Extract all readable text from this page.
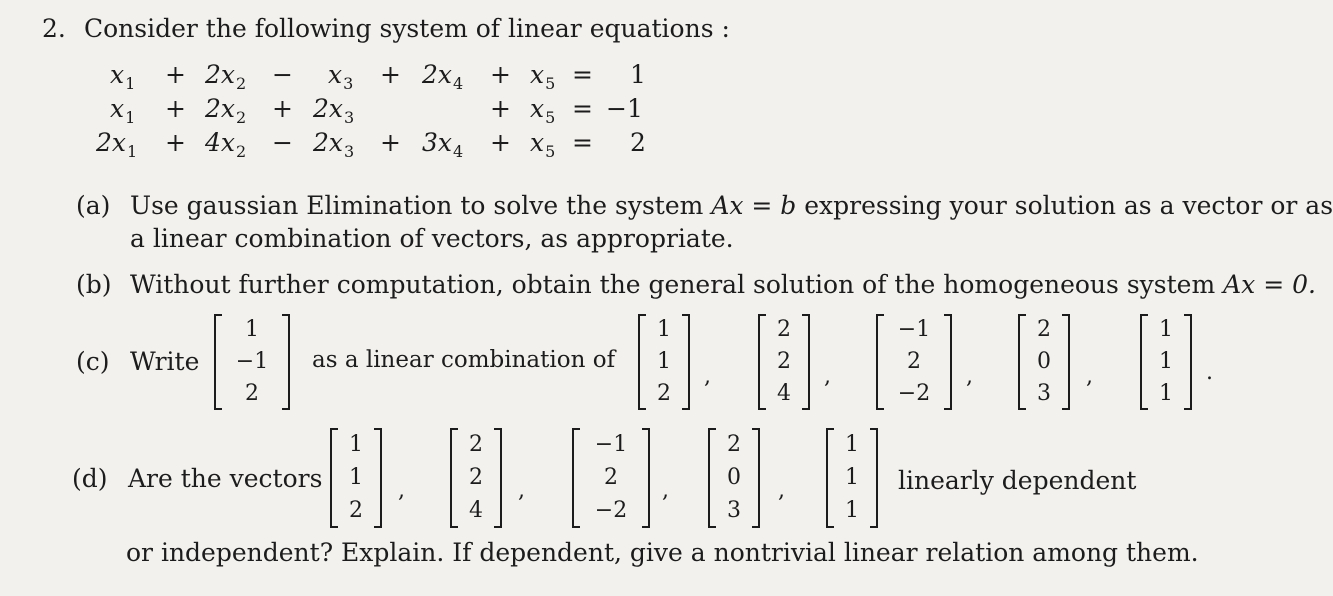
2. Consider the following system of linear equations :
$x_1 + 2x_2 - x_3 + 2x_4 + x_5 = 1$
$x_1 + 2x_2 + 2x_3$	+ $x_5 = -1$
$2x_1 + 4x_2 - 2x_3 + 3x_4 + x_5 = 2$
(a) Use gaussian Elimination to solve the system Ax = b expressing your solution as a vector or as
a linear combination of vectors, as appropriate.
(b) Without further computation, obtain the general solution of the homogeneous system Ax = 0.
(c) Write
1
−1
2
as a linear combination of
1
1
2
,
2
2
4
,
−1
2
−2
,
2
0
3
,
1
1
1
.
(d) Are the vectors
1
1
2
,
2
2
4
,
−1
2
−2
,
2
0
3
,
1
1
1
linearly dependent
or independent? Explain. If dependent, give a nontrivial linear relation among them.
